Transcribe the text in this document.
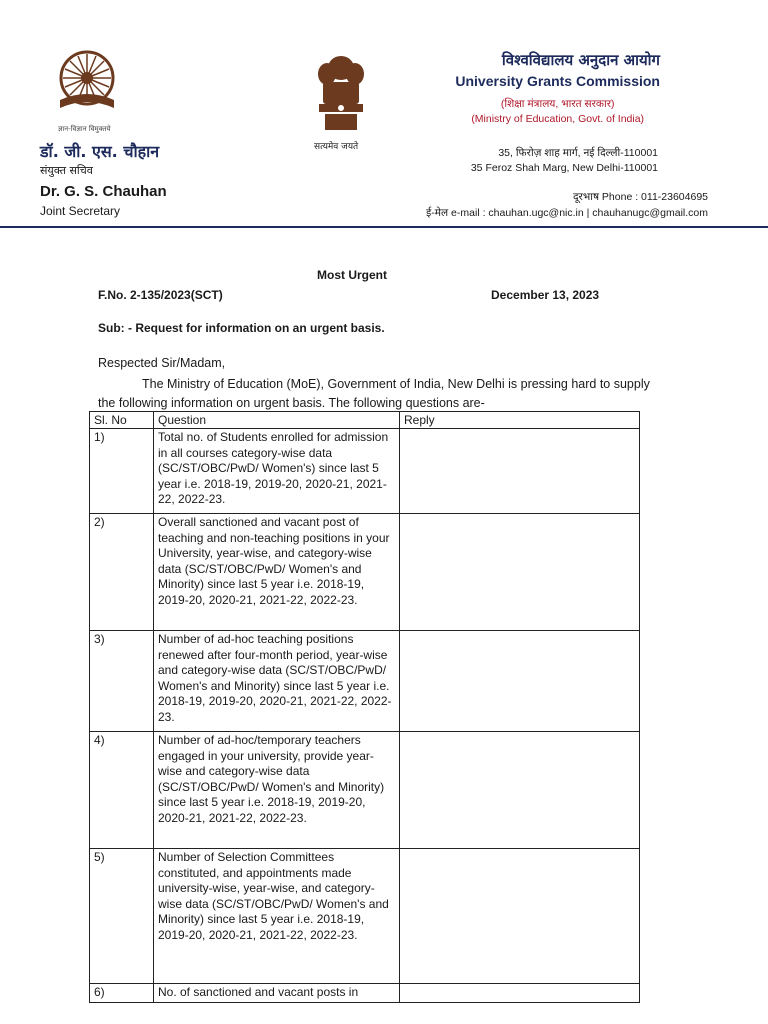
ज्ञान-विज्ञान विमुक्तये
डॉ. जी. एस. चौहान
संयुक्त सचिव
Dr. G. S. Chauhan
Joint Secretary
सत्यमेव जयते
विश्वविद्यालय अनुदान आयोग
University Grants Commission
(शिक्षा मंत्रालय, भारत सरकार)
(Ministry of Education, Govt. of India)
35, फिरोज़ शाह मार्ग, नई दिल्ली-110001
35 Feroz Shah Marg, New Delhi-110001
दूरभाष Phone : 011-23604695
ई-मेल e-mail : chauhan.ugc@nic.in | chauhanugc@gmail.com
Most Urgent
F.No. 2-135/2023(SCT)	December 13, 2023
Sub: - Request for information on an urgent basis.
Respected Sir/Madam,
The Ministry of Education (MoE), Government of India, New Delhi is pressing hard to supply the following information on urgent basis. The following questions are-
Sl. No	Question	Reply
1)	Total no. of Students enrolled for admission in all courses category-wise data (SC/ST/OBC/PwD/ Women's) since last 5 year i.e. 2018-19, 2019-20, 2020-21, 2021-22, 2022-23.	
2)	Overall sanctioned and vacant post of teaching and non-teaching positions in your University, year-wise, and category-wise data (SC/ST/OBC/PwD/ Women's and Minority) since last 5 year i.e. 2018-19, 2019-20, 2020-21, 2021-22, 2022-23.	
3)	Number of ad-hoc teaching positions renewed after four-month period, year-wise and category-wise data (SC/ST/OBC/PwD/ Women's and Minority) since last 5 year i.e. 2018-19, 2019-20, 2020-21, 2021-22, 2022-23.	
4)	Number of ad-hoc/temporary teachers engaged in your university, provide year-wise and category-wise data (SC/ST/OBC/PwD/ Women's and Minority) since last 5 year i.e. 2018-19, 2019-20, 2020-21, 2021-22, 2022-23.	
5)	Number of Selection Committees constituted, and appointments made university-wise, year-wise, and category-wise data (SC/ST/OBC/PwD/ Women's and Minority) since last 5 year i.e. 2018-19, 2019-20, 2020-21, 2021-22, 2022-23.	
6)	No. of sanctioned and vacant posts in	
